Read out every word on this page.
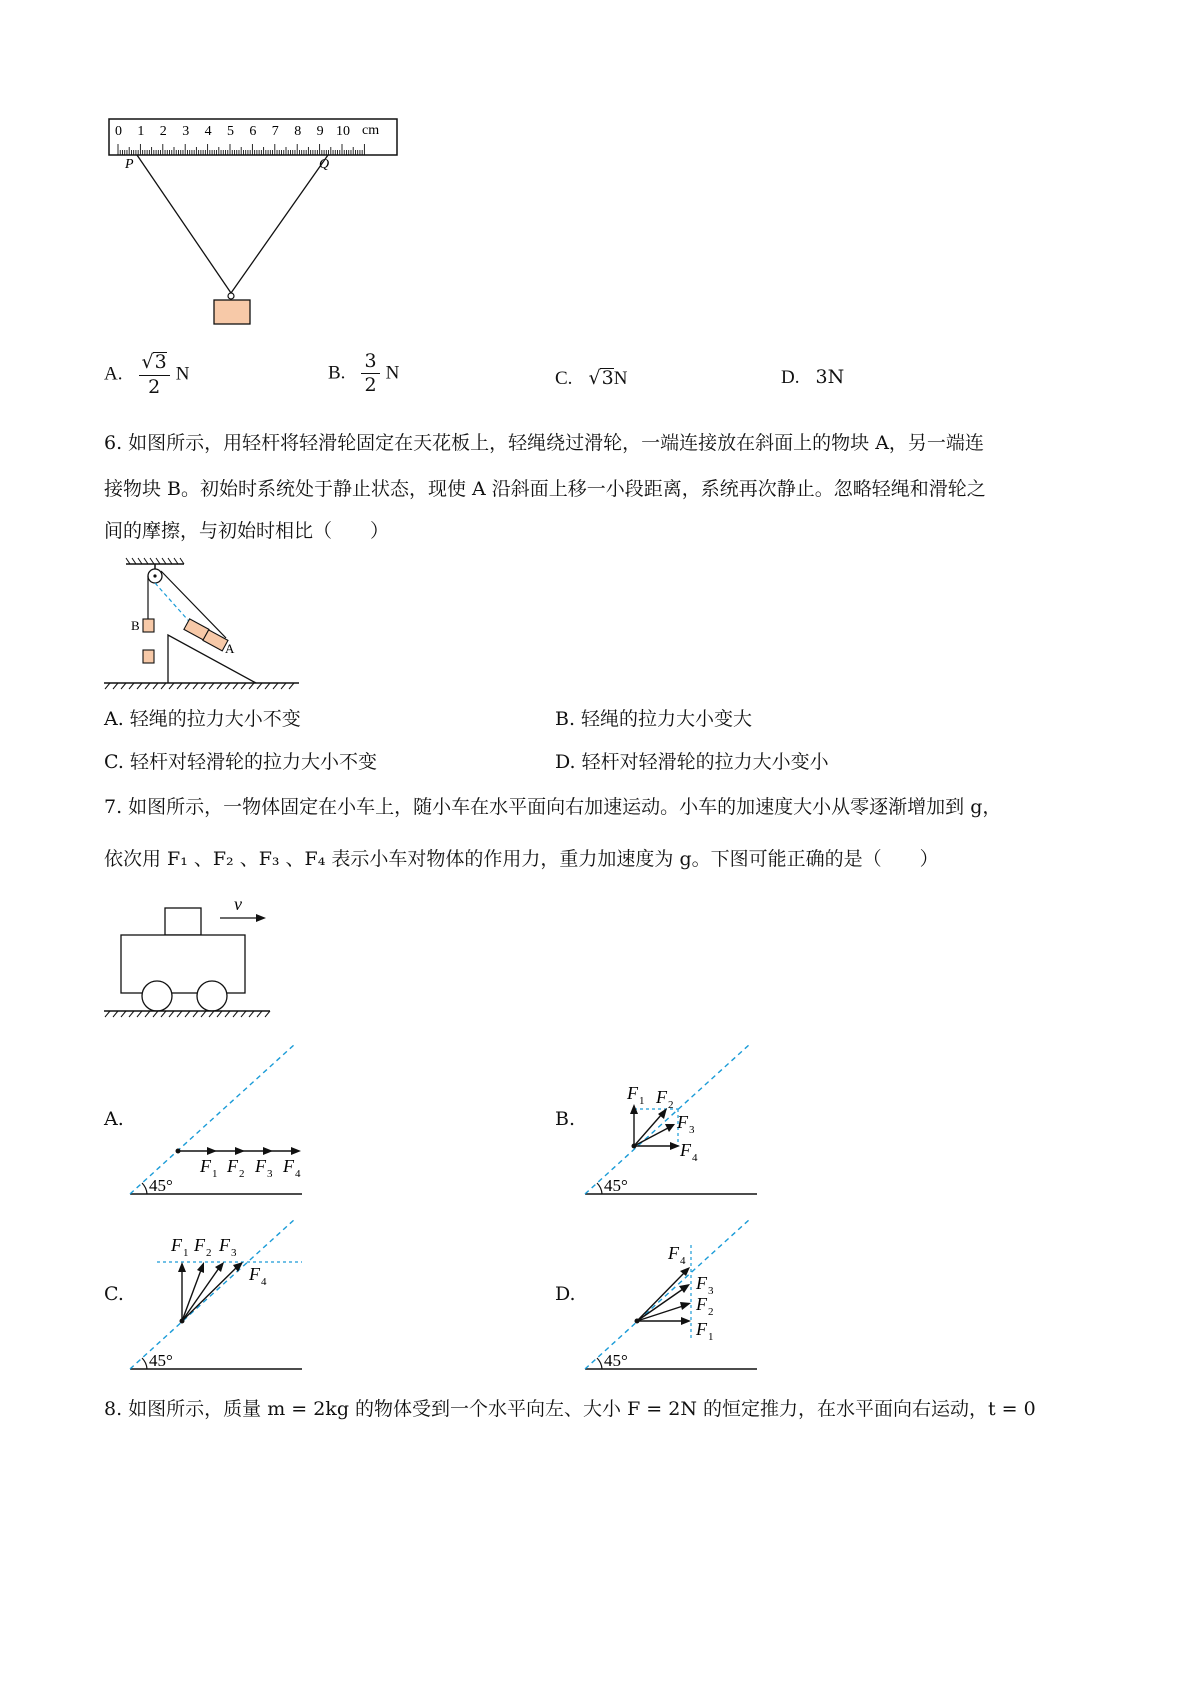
0 1 2 3 4 5 6 7 8 9 10 cm
P	Q
A. $\frac{√3}{2}$ N	B. $\frac{3}{2}$ N	C. √3N	D. 3N
6. 如图所示，用轻杆将轻滑轮固定在天花板上，轻绳绕过滑轮，一端连接放在斜面上的物块 A，另一端连
接物块 B。初始时系统处于静止状态，现使 A 沿斜面上移一小段距离，系统再次静止。忽略轻绳和滑轮之
间的摩擦，与初始时相比（　　）
B
A
A. 轻绳的拉力大小不变	B. 轻绳的拉力大小变大
C. 轻杆对轻滑轮的拉力大小不变	D. 轻杆对轻滑轮的拉力大小变小
7. 如图所示，一物体固定在小车上，随小车在水平面向右加速运动。小车的加速度大小从零逐渐增加到 g，
依次用 F₁ 、F₂ 、F₃ 、F₄ 表示小车对物体的作用力，重力加速度为 g。下图可能正确的是（　　）
v
A.	B.
C.	D.
45°
F 1 F 2 F 3 F 4
45°
F 1 F 2
F 3
F 4
45°
F 1 F 2 F 3
F 4
45°
F 4
F 3
F 2
F 1
8. 如图所示，质量 m = 2kg 的物体受到一个水平向左、大小 F = 2N 的恒定推力，在水平面向右运动，t = 0
